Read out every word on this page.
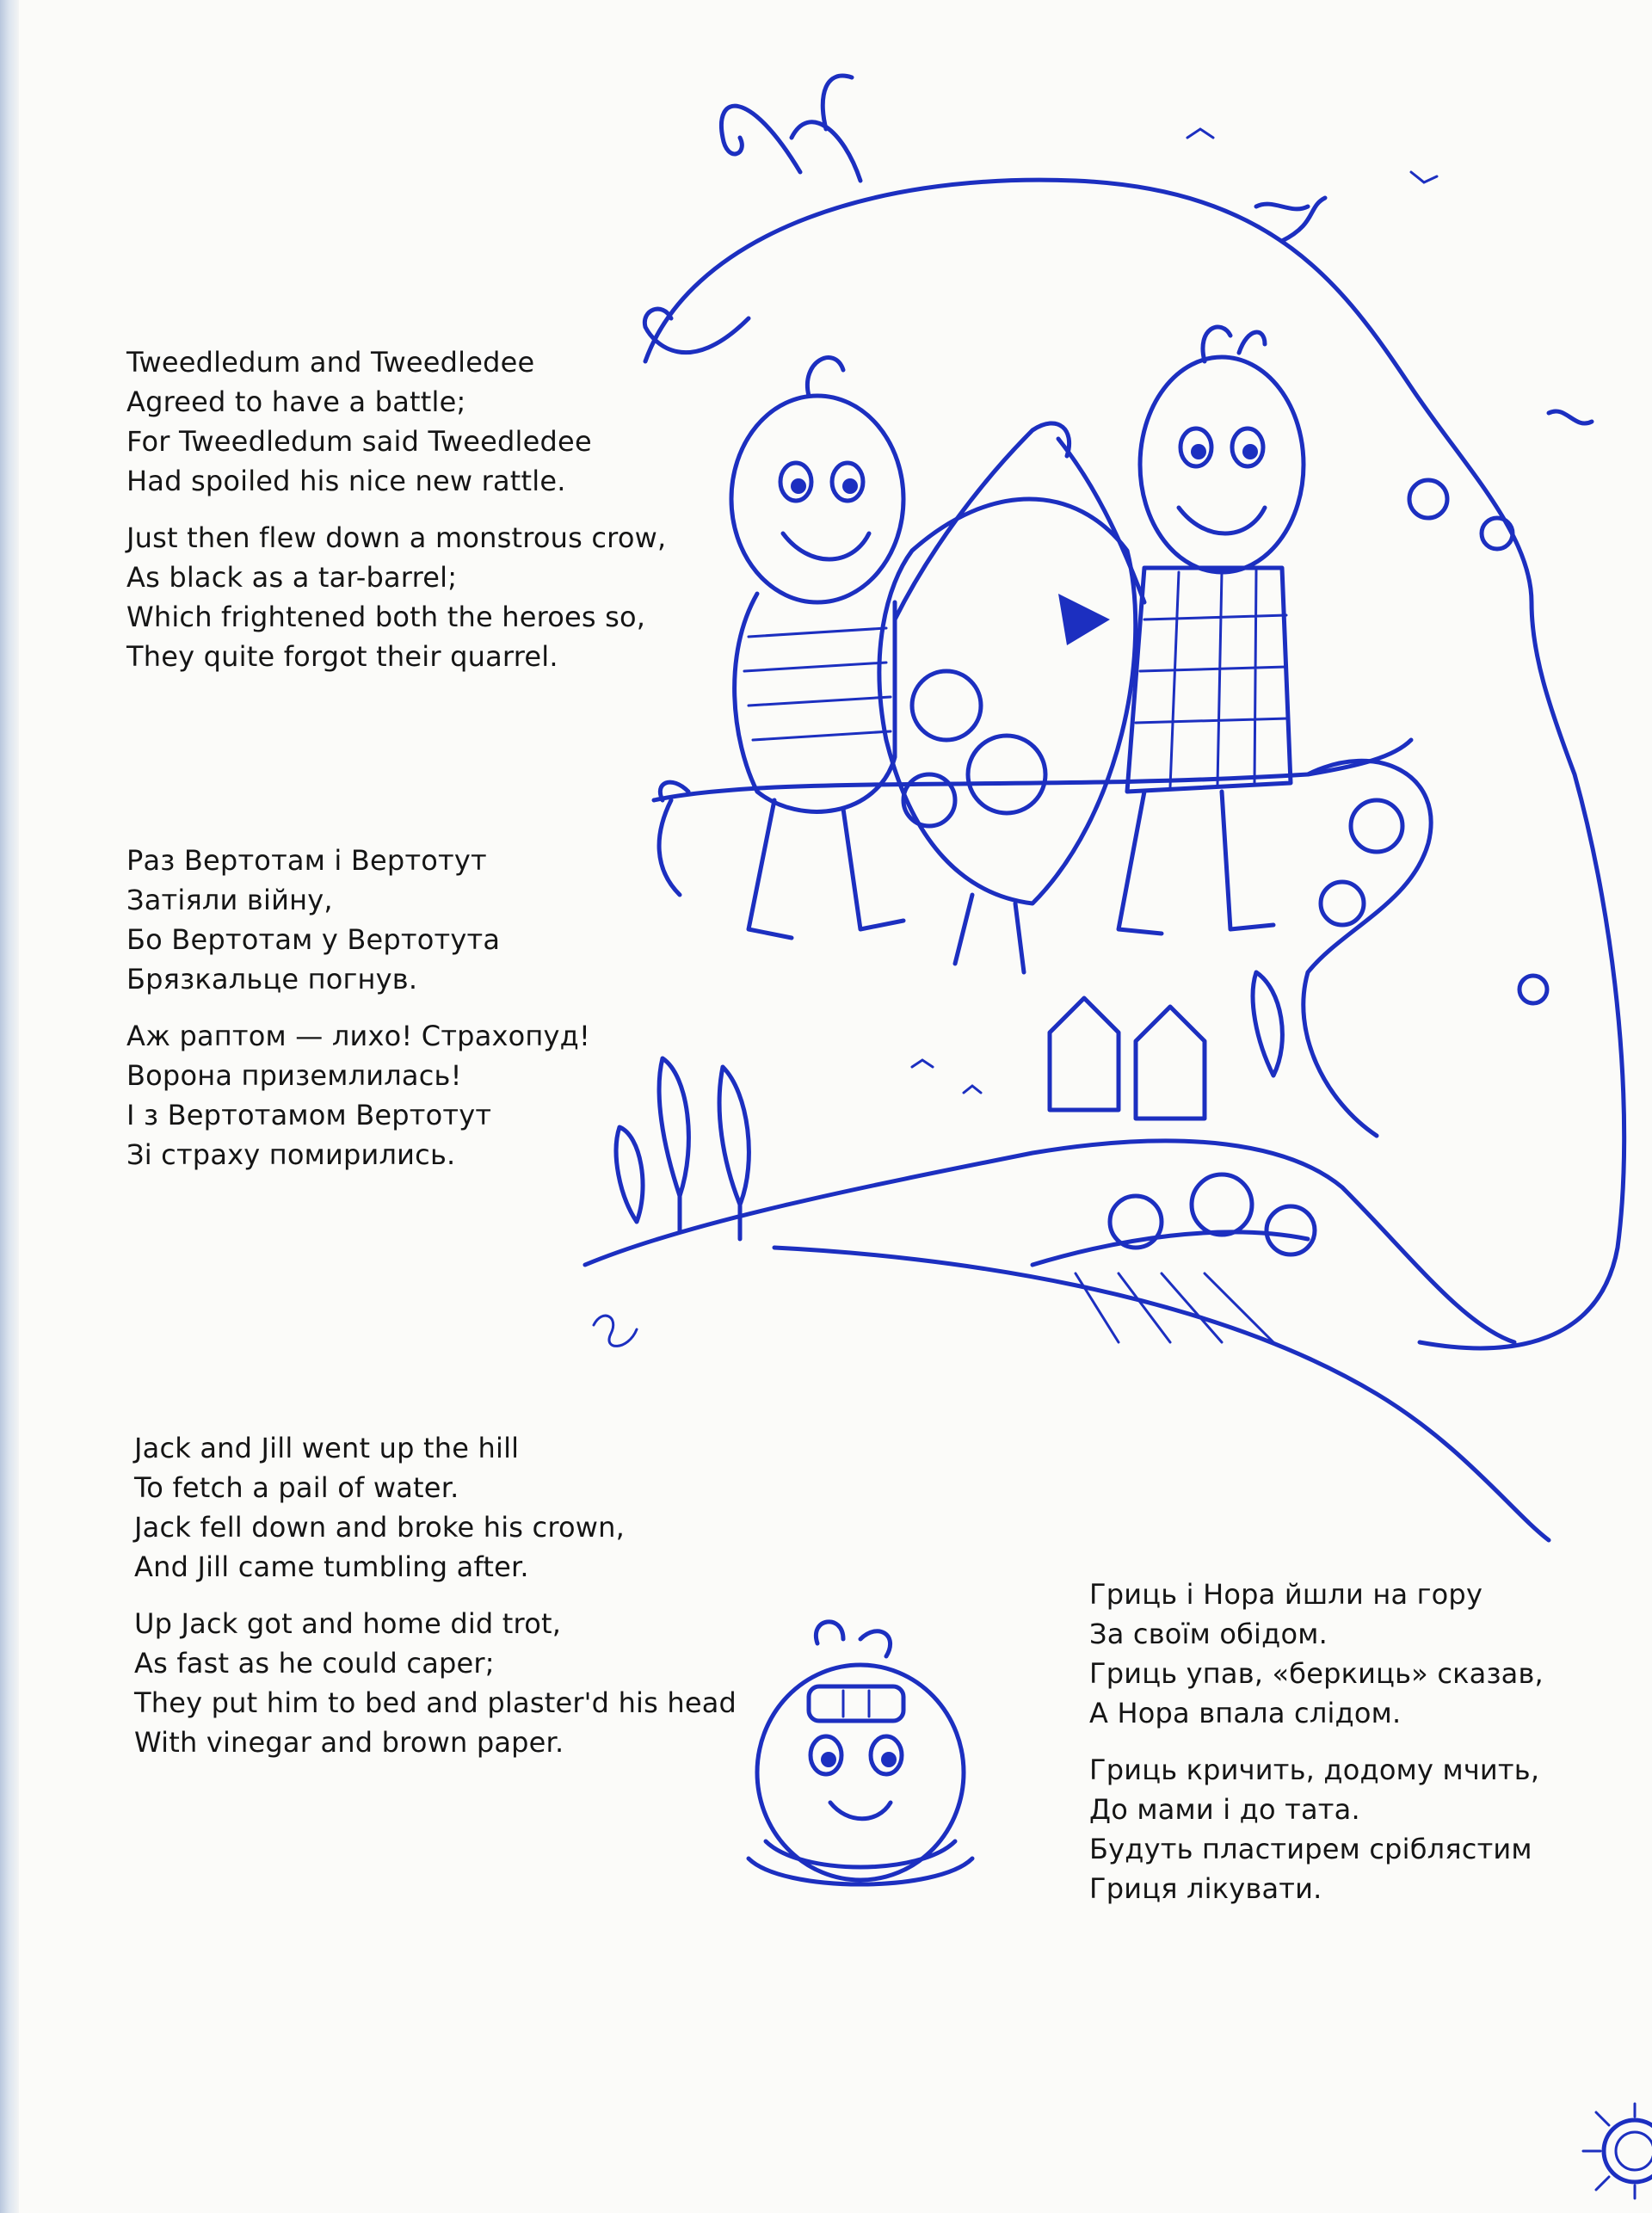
Tweedledum and Tweedledee
Agreed to have a battle;
For Tweedledum said Tweedledee
Had spoiled his nice new rattle.
Just then flew down a monstrous crow,
As black as a tar-barrel;
Which frightened both the heroes so,
They quite forgot their quarrel.
Раз Вертотам і Вертотут
Затіяли війну,
Бо Вертотам у Вертотута
Брязкальце погнув.
Аж раптом — лихо! Страхопуд!
Ворона приземлилась!
І з Вертотамом Вертотут
Зі страху помирились.
Jack and Jill went up the hill
To fetch a pail of water.
Jack fell down and broke his crown,
And Jill came tumbling after.
Up Jack got and home did trot,
As fast as he could caper;
They put him to bed and plaster'd his head
With vinegar and brown paper.
Гриць і Нора йшли на гору
За своїм обідом.
Гриць упав, «беркиць» сказав,
А Нора впала слідом.
Гриць кричить, додому мчить,
До мами і до тата.
Будуть пластирем сріблястим
Гриця лікувати.
